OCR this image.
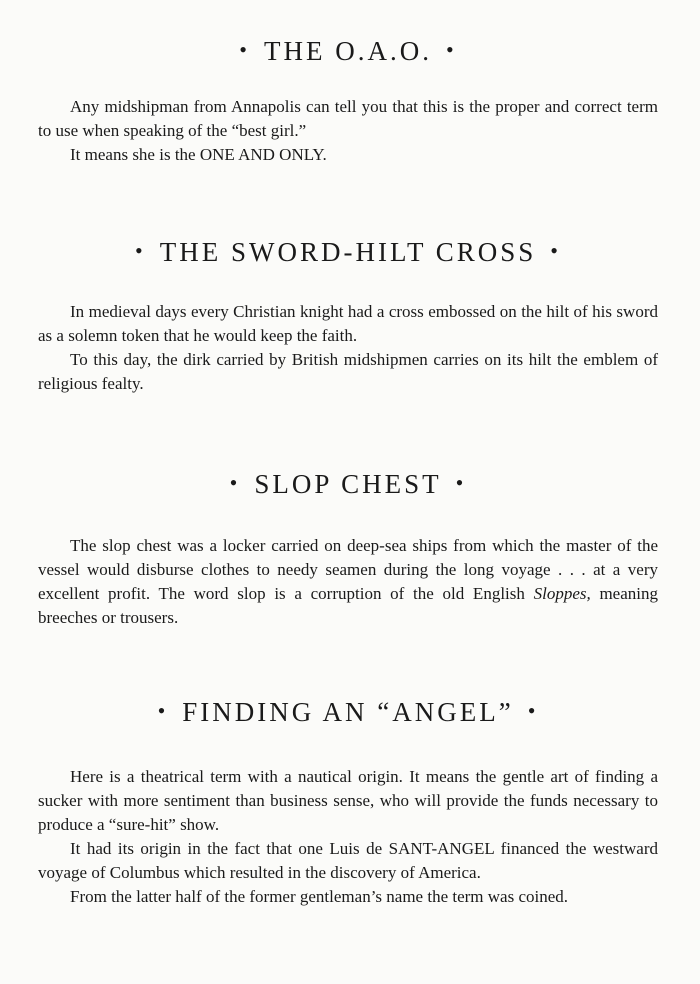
• THE O.A.O. •

Any midshipman from Annapolis can tell you that this is the proper and correct term to use when speaking of the “best girl.”

It means she is the ONE AND ONLY.

• THE SWORD-HILT CROSS •

In medieval days every Christian knight had a cross embossed on the hilt of his sword as a solemn token that he would keep the faith.

To this day, the dirk carried by British midshipmen carries on its hilt the emblem of religious fealty.

• SLOP CHEST •

The slop chest was a locker carried on deep-sea ships from which the master of the vessel would disburse clothes to needy seamen during the long voyage . . . at a very excellent profit. The word slop is a corruption of the old English Sloppes, meaning breeches or trousers.

• FINDING AN “ANGEL” •

Here is a theatrical term with a nautical origin. It means the gentle art of finding a sucker with more sentiment than business sense, who will provide the funds necessary to produce a “sure-hit” show.

It had its origin in the fact that one Luis de SANT-ANGEL financed the westward voyage of Columbus which resulted in the discovery of America.

From the latter half of the former gentleman’s name the term was coined.
